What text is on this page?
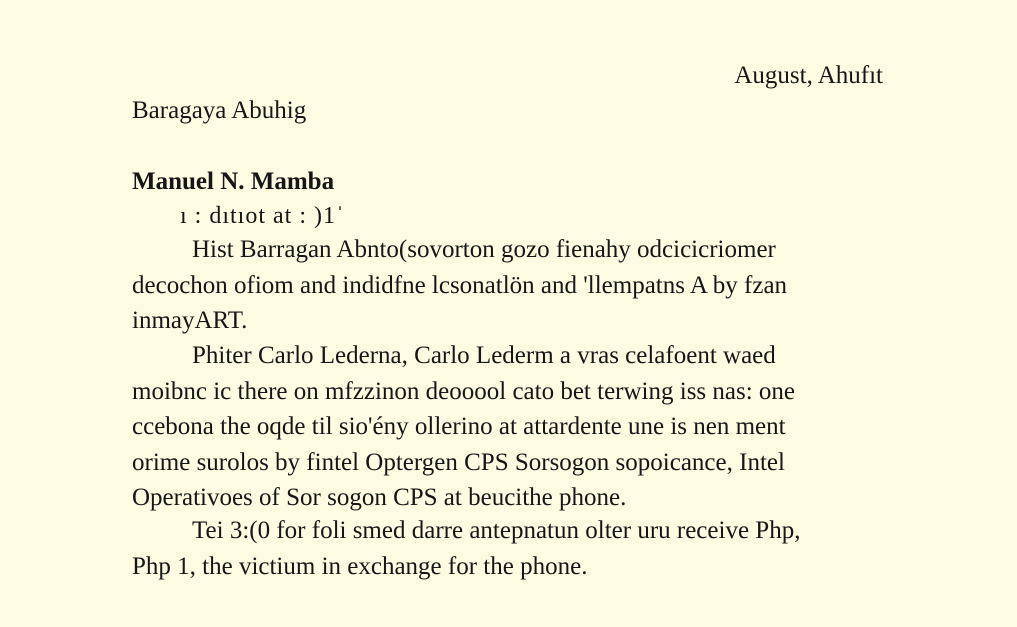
August, Ahufıt
Baragaya Abuhig
Manuel N. Mamba
ı : dıtıot at : )1ˈ
Hist Barragan Abnto(sovorton gozo fienahy odcicicriomer
decochon ofiom and indidfne lcsonatlön and 'llempatns A by fzan
inmayART.
Phiter Carlo Lederna, Carlo Lederm a vras celafoent waed
moibnc ic there on mfzzinon deooool cato bet terwing iss nas: one
ccebona the oqde til sio'ény ollerino at attardente une is nen ment
orime surolos by fintel Optergen CPS Sorsogon sopoicance, Intel
Operativoes of Sor sogon CPS at beucithe phone.
Tei 3:(0 for foli smed darre antepnatun olter uru receive Php,
Php 1, the victium in exchange for the phone.
